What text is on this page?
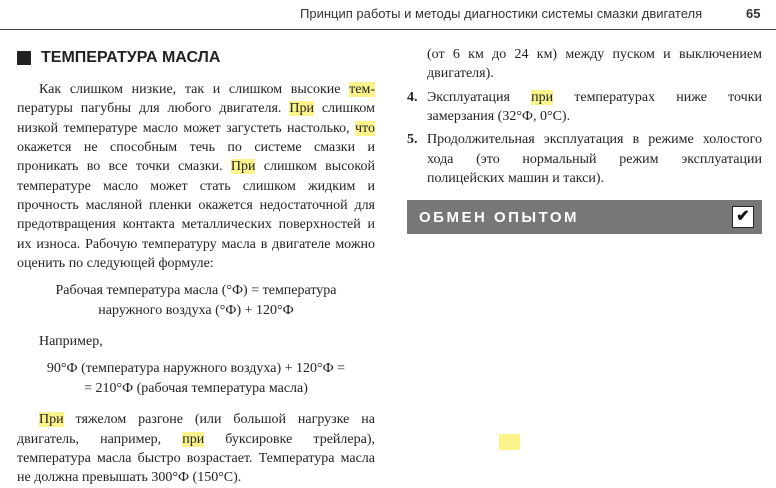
Принцип работы и методы диагностики системы смазки двигателя	65
ТЕМПЕРАТУРА МАСЛА

Как слишком низкие, так и слишком высокие тем-пературы пагубны для любого двигателя. При слишком низкой температуре масло может загустеть настолько, что окажется не способным течь по системе смазки и проникать во все точки смазки. При слишком высокой температуре масло может стать слишком жидким и прочность масляной пленки окажется недостаточной для предотвращения контакта металлических поверхностей и их износа. Рабочую температуру масла в двигателе можно оценить по следующей формуле:

Рабочая температура масла (°Ф) = температура

наружного воздуха (°Ф) + 120°Ф

Например,

90°Ф (температура наружного воздуха) + 120°Ф =

= 210°Ф (рабочая температура масла)

При тяжелом разгоне (или большой нагрузке на двигатель, например, при буксировке трейлера), температура масла быстро возрастает. Температура масла не должна превышать 300°Ф (150°С).

(от 6 км до 24 км) между пуском и выключением двигателя).

4. Эксплуатация при температурах ниже точки замерзания (32°Ф, 0°С).
5. Продолжительная эксплуатация в режиме холостого хода (это нормальный режим эксплуатации полицейских машин и такси).
ОБМЕН ОПЫТОМ	✔
